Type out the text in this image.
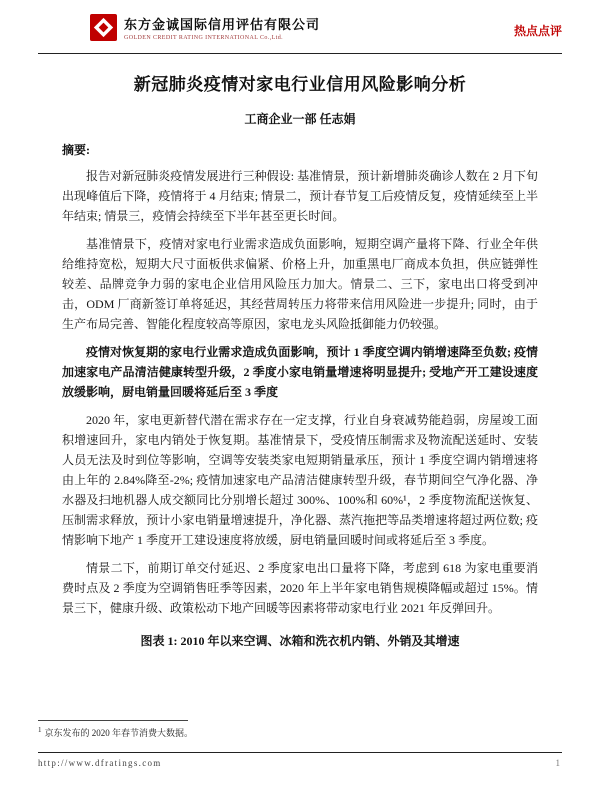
东方金诚国际信用评估有限公司
GOLDEN CREDIT RATING INTERNATIONAL Co.,Ltd.	热点点评
新冠肺炎疫情对家电行业信用风险影响分析
工商企业一部 任志娟
摘要:

报告对新冠肺炎疫情发展进行三种假设: 基准情景，预计新增肺炎确诊人数在 2 月下旬出现峰值后下降，疫情将于 4 月结束; 情景二，预计春节复工后疫情反复，疫情延续至上半年结束; 情景三，疫情会持续至下半年甚至更长时间。

基准情景下，疫情对家电行业需求造成负面影响，短期空调产量将下降、行业全年供给维持宽松，短期大尺寸面板供求偏紧、价格上升，加重黑电厂商成本负担，供应链弹性较差、品牌竞争力弱的家电企业信用风险压力加大。情景二、三下，家电出口将受到冲击，ODM 厂商新签订单将延迟，其经营周转压力将带来信用风险进一步提升; 同时，由于生产布局完善、智能化程度较高等原因，家电龙头风险抵御能力仍较强。

疫情对恢复期的家电行业需求造成负面影响，预计 1 季度空调内销增速降至负数; 疫情加速家电产品清洁健康转型升级，2 季度小家电销量增速将明显提升; 受地产开工建设速度放缓影响，厨电销量回暖将延后至 3 季度

2020 年，家电更新替代潜在需求存在一定支撑，行业自身衰减势能趋弱，房屋竣工面积增速回升，家电内销处于恢复期。基准情景下，受疫情压制需求及物流配送延时、安装人员无法及时到位等影响，空调等安装类家电短期销量承压，预计 1 季度空调内销增速将由上年的 2.84%降至-2%; 疫情加速家电产品清洁健康转型升级，春节期间空气净化器、净水器及扫地机器人成交额同比分别增长超过 300%、100%和 60%¹，2 季度物流配送恢复、压制需求释放，预计小家电销量增速提升，净化器、蒸汽拖把等品类增速将超过两位数; 疫情影响下地产 1 季度开工建设速度将放缓，厨电销量回暖时间或将延后至 3 季度。

情景二下，前期订单交付延迟、2 季度家电出口量将下降，考虑到 618 为家电重要消费时点及 2 季度为空调销售旺季等因素，2020 年上半年家电销售规模降幅或超过 15%。情景三下，健康升级、政策松动下地产回暖等因素将带动家电行业 2021 年反弹回升。

图表 1: 2010 年以来空调、冰箱和洗衣机内销、外销及其增速
$^1$ 京东发布的 2020 年春节消费大数据。
http://www.dfratings.com	1
